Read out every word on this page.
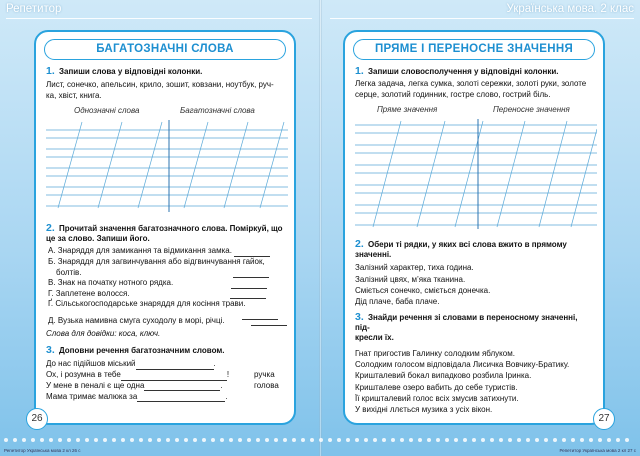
Репетитор	Українська мова. 2 клас
БАГАТОЗНАЧНІ СЛОВА
1. Запиши слова у відповідні колонки.
Лист, сонечко, апельсин, крило, зошит, ковзани, ноутбук, руч-
ка, хвіст, книга.
Однозначні слова	Багатозначні слова
2. Прочитай значення багатозначного слова. Поміркуй, що
це за слово. Запиши його.
А. Знаряддя для замикання та відмикання замка.
Б. Знаряддя для загвинчування або відгвинчування гайок,
болтів.
В. Знак на початку нотного рядка.
Г. Заплетене волосся.
Ґ. Сільськогосподарське знаряддя для косіння трави.
Д. Вузька намивна смуга суходолу в морі, річці.
Слова для довідки: коса, ключ.
3. Доповни речення багатозначним словом.
До нас підійшов міський	.
Ох, і розумна в тебе	!	ручка
У мене в пеналі є ще одна	.	голова
Мама тримає малюка за	.
ПРЯМЕ І ПЕРЕНОСНЕ ЗНАЧЕННЯ
1. Запиши словосполучення у відповідні колонки.
Легка задача, легка сумка, золоті сережки, золоті руки, золоте
серце, золотий годинник, гостре слово, гострий біль.
Пряме значення	Переносне значення
2. Обери ті рядки, у яких всі слова вжито в прямому значенні.
Залізний характер, тиха година.
Залізний цвях, м’яка тканина.
Сміється сонечко, сміється донечка.
Дід плаче, баба плаче.
3. Знайди речення зі словами в переносному значенні, під-
кресли їх.
Гнат пригостив Галинку солодким яблуком.
Солодким голосом відповідала Лисичка Вовчику-Братику.
Кришталевий бокал випадково розбила Іринка.
Кришталеве озеро вабить до себе туристів.
Її кришталевий голос всіх змусив затихнути.
У вихідні ллється музика з усіх вікон.
26	27
Репетитор Українська мова 2 кл 26 с	Репетитор Українська мова 2 кл 27 с
